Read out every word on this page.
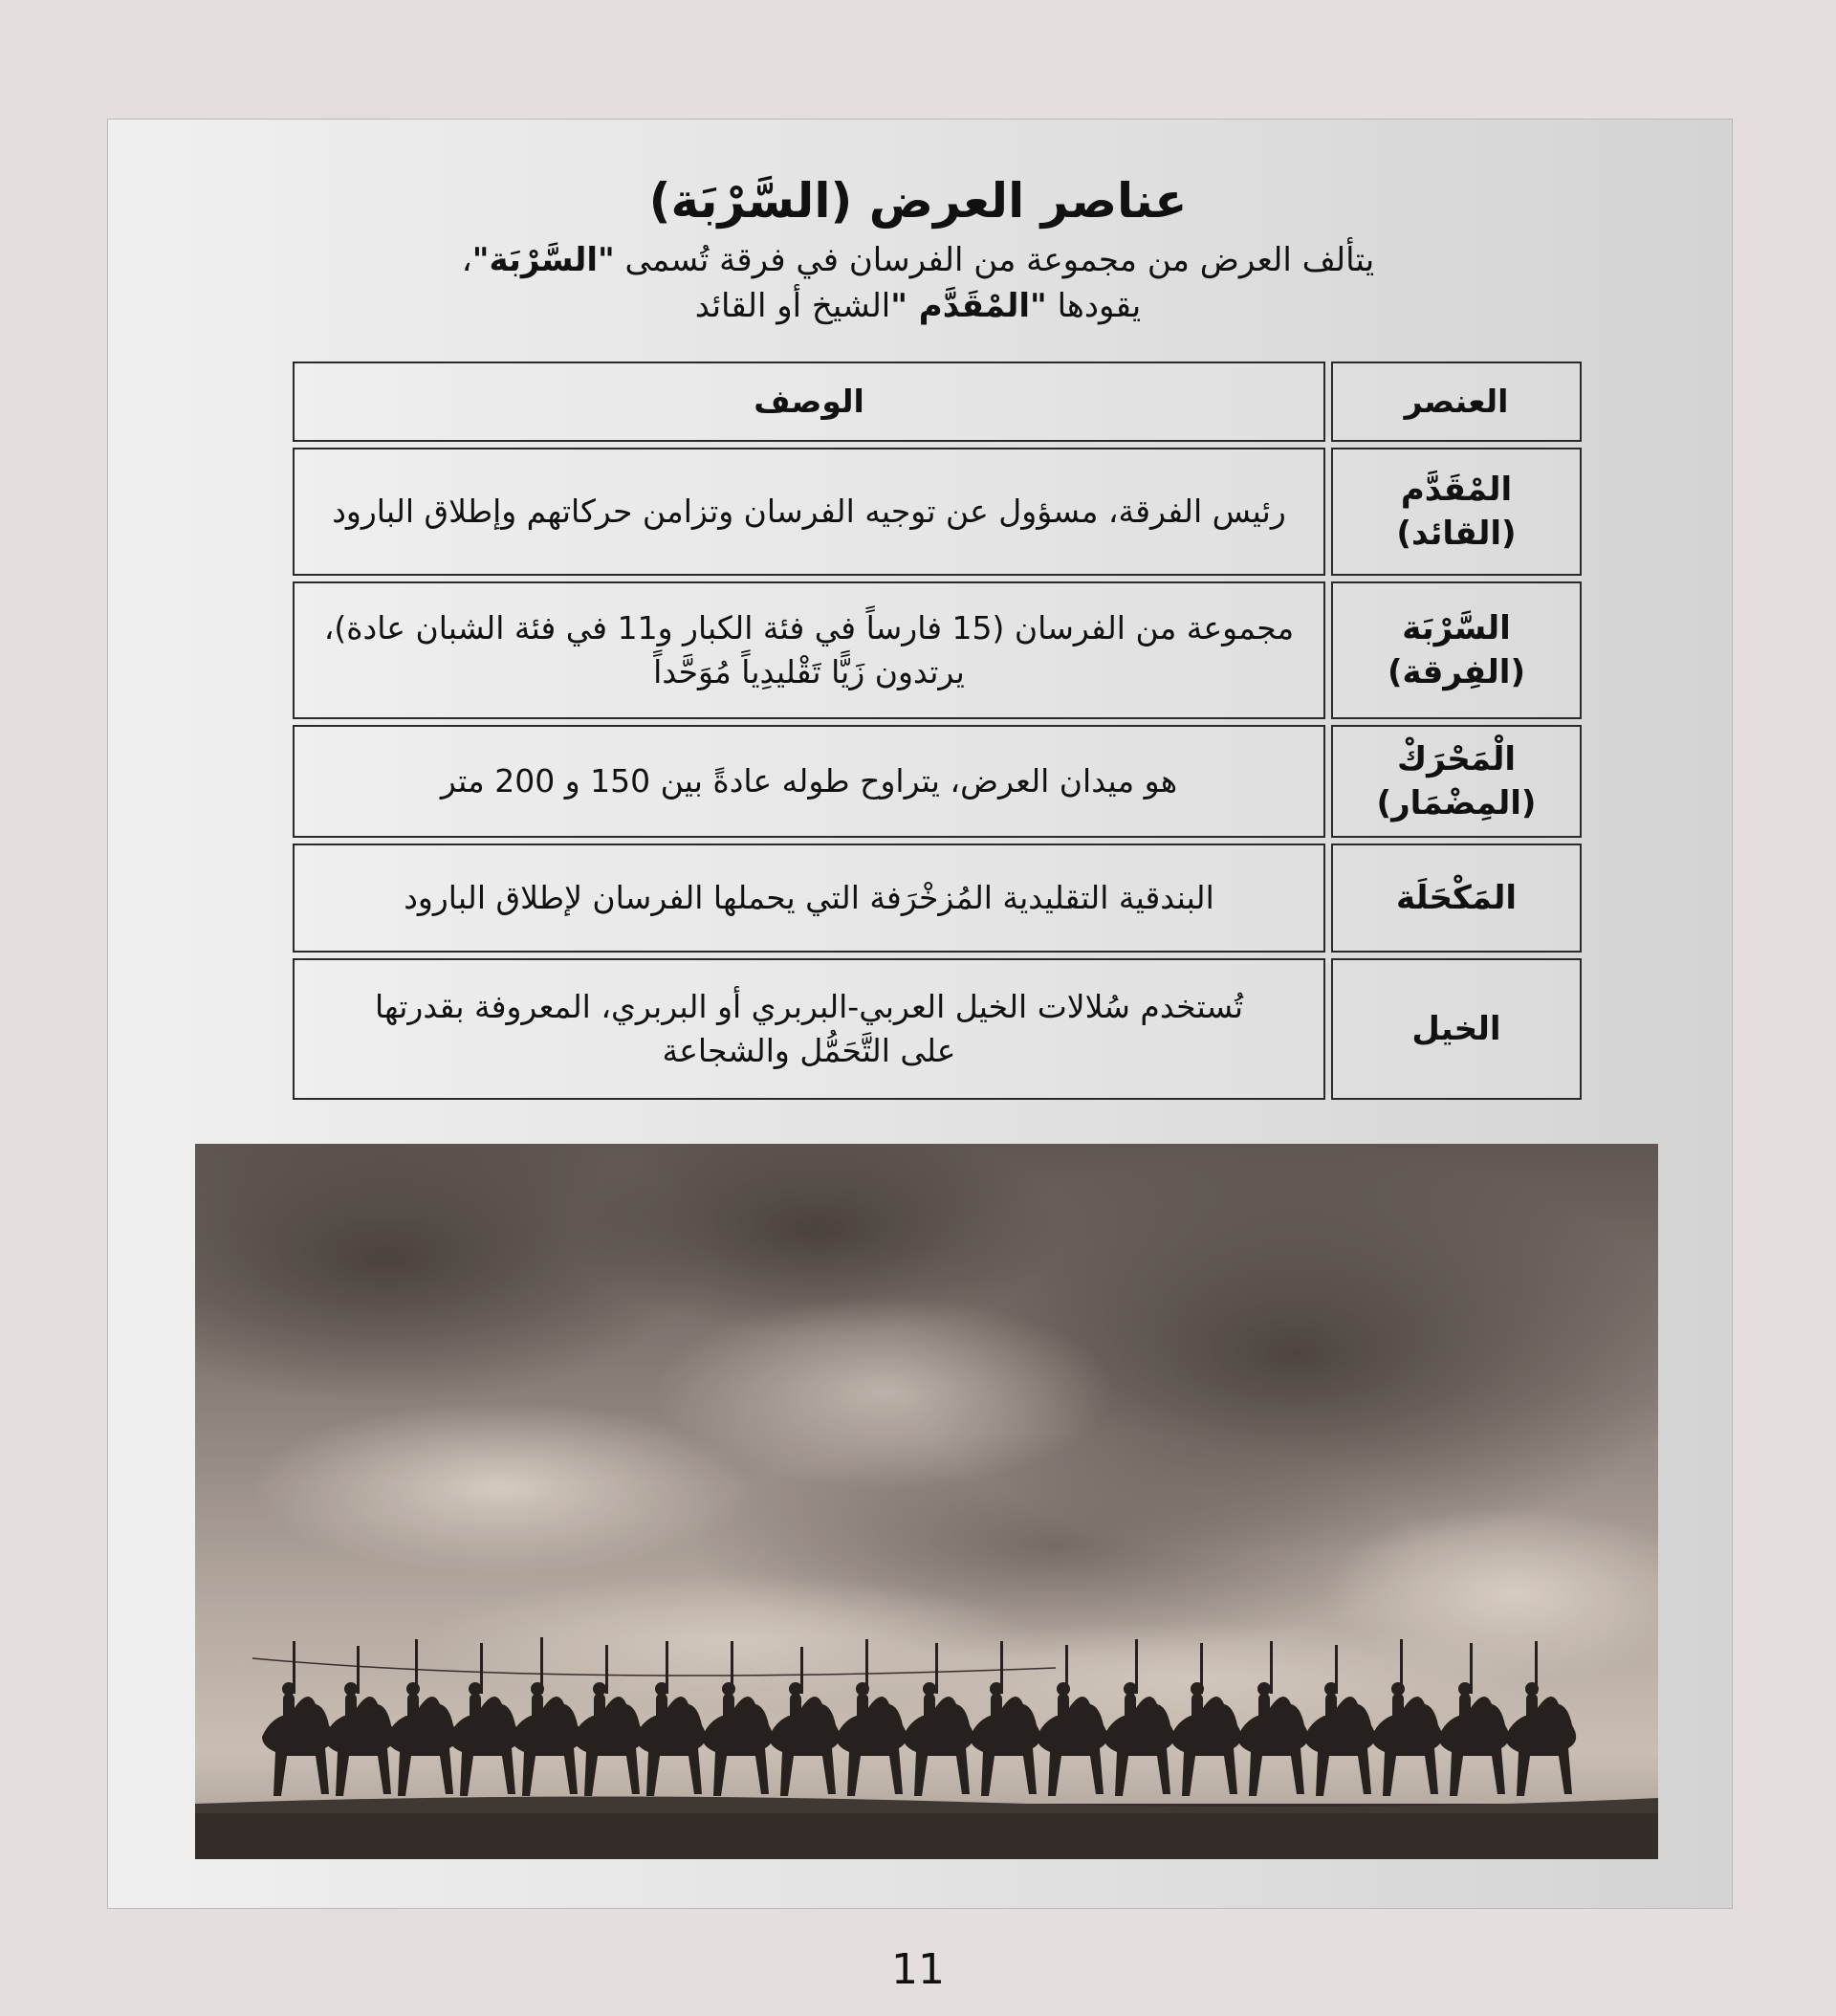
عناصر العرض (السَّرْبَة)
يتألف العرض من مجموعة من الفرسان في فرقة تُسمى "السَّرْبَة"،
يقودها "المْقَدَّم "الشيخ أو القائد
العنصر	الوصف
المْقَدَّم (القائد)	رئيس الفرقة، مسؤول عن توجيه الفرسان وتزامن حركاتهم وإطلاق البارود

السَّرْبَة (الفِرقة)	مجموعة من الفرسان (15 فارساً في فئة الكبار و11 في فئة الشبان عادة)،
يرتدون زَيًّا تَقْليدِياً مُوَحَّداً

الْمَحْرَكْ (المِضْمَار)	هو ميدان العرض، يتراوح طوله عادةً بين 150 و 200 متر

المَكْحَلَة	البندقية التقليدية المُزخْرَفة التي يحملها الفرسان لإطلاق البارود

الخيل	تُستخدم سُلالات الخيل العربي-البربري أو البربري، المعروفة بقدرتها
على التَّحَمُّل والشجاعة
11
